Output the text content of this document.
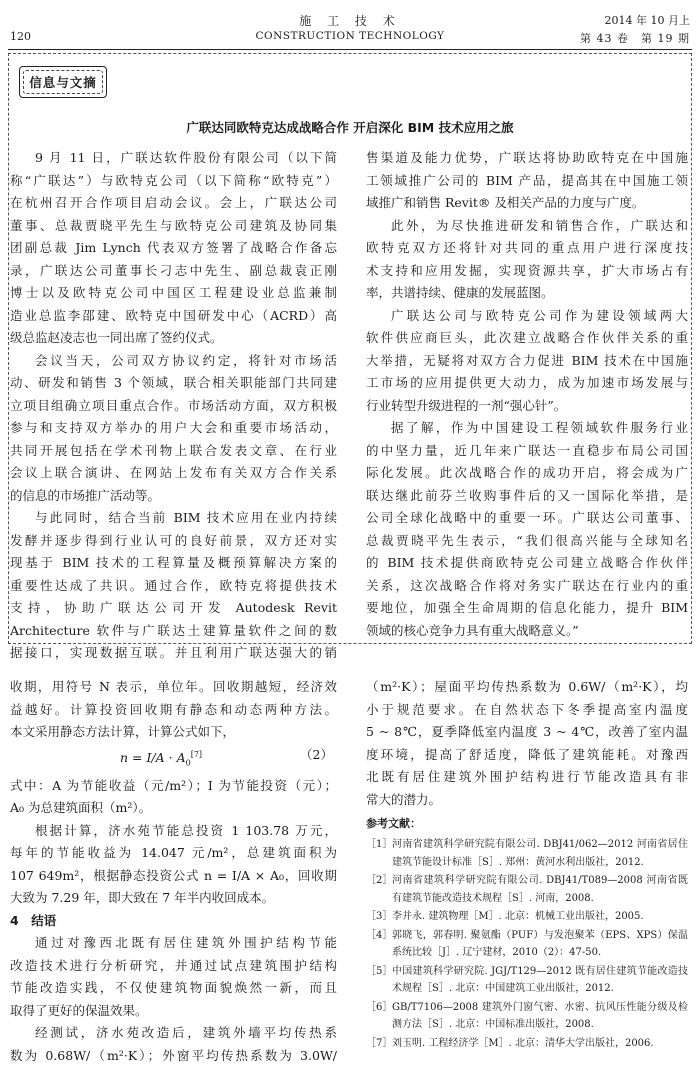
120
施 工 技 术
CONSTRUCTION TECHNOLOGY
2014 年 10 月上
第 43 卷　第 19 期
信息与文摘
广联达同欧特克达成战略合作 开启深化 BIM 技术应用之旅

9 月 11 日，广联达软件股份有限公司（以下简

称“广联达”）与欧特克公司（以下简称“欧特克”）

在杭州召开合作项目启动会议。会上，广联达公司

董事、总裁贾晓平先生与欧特克公司建筑及协同集

团副总裁 Jim Lynch 代表双方签署了战略合作备忘

录，广联达公司董事长刁志中先生、副总裁袁正刚

博士以及欧特克公司中国区工程建设业总监兼制

造业总监李邵建、欧特克中国研发中心（ACRD）高

级总监赵凌志也一同出席了签约仪式。

会议当天，公司双方协议约定，将针对市场活

动、研发和销售 3 个领域，联合相关职能部门共同建

立项目组确立项目重点合作。市场活动方面，双方积极

参与和支持双方举办的用户大会和重要市场活动，

共同开展包括在学术刊物上联合发表文章、在行业

会议上联合演讲、在网站上发布有关双方合作关系

的信息的市场推广活动等。

与此同时，结合当前 BIM 技术应用在业内持续

发酵并逐步得到行业认可的良好前景，双方还对实

现基于 BIM 技术的工程算量及概预算解决方案的

重要性达成了共识。通过合作，欧特克将提供技术

支持，协助广联达公司开发 Autodesk Revit

Architecture 软件与广联达土建算量软件之间的数

据接口，实现数据互联。并且利用广联达强大的销

售渠道及能力优势，广联达将协助欧特克在中国施

工领域推广公司的 BIM 产品，提高其在中国施工领

域推广和销售 Revit® 及相关产品的力度与广度。

此外，为尽快推进研发和销售合作，广联达和

欧特克双方还将针对共同的重点用户进行深度技

术支持和应用发掘，实现资源共享，扩大市场占有

率，共谱持续、健康的发展蓝图。

广联达公司与欧特克公司作为建设领域两大

软件供应商巨头，此次建立战略合作伙伴关系的重

大举措，无疑将对双方合力促进 BIM 技术在中国施

工市场的应用提供更大动力，成为加速市场发展与

行业转型升级进程的一剂“强心针”。

据了解，作为中国建设工程领域软件服务行业

的中坚力量，近几年来广联达一直稳步布局公司国

际化发展。此次战略合作的成功开启，将会成为广

联达继此前芬兰收购事件后的又一国际化举措，是

公司全球化战略中的重要一环。广联达公司董事、

总裁贾晓平先生表示，“我们很高兴能与全球知名

的 BIM 技术提供商欧特克公司建立战略合作伙伴

关系，这次战略合作将对务实广联达在行业内的重

要地位，加强全生命周期的信息化能力，提升 BIM

领域的核心竞争力具有重大战略意义。”

收期，用符号 N 表示，单位年。回收期越短，经济效

益越好。计算投资回收期有静态和动态两种方法。

本文采用静态方法计算，计算公式如下，

$n = I/A \cdot A_0[7]$	（2）

式中：A 为节能收益（元/m²）；I 为节能投资（元）；

A₀ 为总建筑面积（m²）。

根据计算，济水苑节能总投资 1 103.78 万元，

每年的节能收益为 14.047 元/m²，总建筑面积为

107 649m²，根据静态投资公式 n = I/A × A₀，回收期

大致为 7.29 年，即大致在 7 年半内收回成本。

4　结语

通过对豫西北既有居住建筑外围护结构节能

改造技术进行分析研究，并通过试点建筑围护结构

节能改造实践，不仅使建筑物面貌焕然一新，而且

取得了更好的保温效果。

经测试，济水苑改造后，建筑外墙平均传热系

数为 0.68W/（m²·K）；外窗平均传热系数为 3.0W/

（m²·K）；屋面平均传热系数为 0.6W/（m²·K），均

小于规范要求。在自然状态下冬季提高室内温度

5 ~ 8℃，夏季降低室内温度 3 ~ 4℃，改善了室内温

度环境，提高了舒适度，降低了建筑能耗。对豫西

北既有居住建筑外围护结构进行节能改造具有非

常大的潜力。

参考文献：
［1］ 河南省建筑科学研究院有限公司. DBJ41/062—2012 河南省居住建筑节能设计标准［S］. 郑州：黄河水利出版社，2012.
［2］ 河南省建筑科学研究院有限公司. DBJ41/T089—2008 河南省既有建筑节能改造技术规程［S］. 河南，2008.
［3］ 李并永. 建筑物理［M］. 北京：机械工业出版社，2005.
［4］ 郭晓飞，郭春明. 聚氨酯（PUF）与发泡聚苯（EPS、XPS）保温系统比较［J］. 辽宁建材，2010（2）：47-50.
［5］ 中国建筑科学研究院. JGJ/T129—2012 既有居住建筑节能改造技术规程［S］. 北京：中国建筑工业出版社，2012.
［6］ GB/T7106—2008 建筑外门窗气密、水密、抗风压性能分级及检测方法［S］. 北京：中国标准出版社，2008.
［7］ 刘玉明. 工程经济学［M］. 北京：清华大学出版社，2006.
